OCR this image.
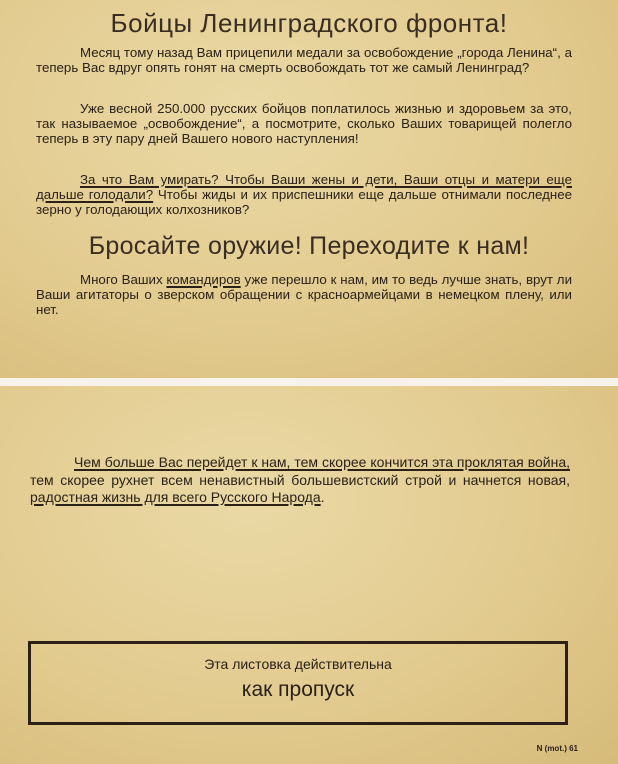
Бойцы Ленинградского фронта!

Месяц тому назад Вам прицепили медали за освобождение „города Ленина“, а теперь Вас вдруг опять гонят на смерть освобождать тот же самый Ленинград?

Уже весной 250.000 русских бойцов поплатилось жизнью и здоровьем за это, так называемое „освобождение“, а посмотрите, сколько Ваших товарищей полегло теперь в эту пару дней Вашего нового наступления!

За что Вам умирать? Чтобы Ваши жены и дети, Ваши отцы и матери еще дальше голодали? Чтобы жиды и их приспешники еще дальше отнимали последнее зерно у голодающих колхозников?

Бросайте оружие! Переходите к нам!

Много Ваших командиров уже перешло к нам, им то ведь лучше знать, врут ли Ваши агитаторы о зверском обращении с красноармейцами в немецком плену, или нет.

Чем больше Вас перейдет к нам, тем скорее кончится эта проклятая война, тем скорее рухнет всем ненавистный большевистский строй и начнется новая, радостная жизнь для всего Русского Народа.

Эта листовка действительна
как пропуск
N (mot.) 61
